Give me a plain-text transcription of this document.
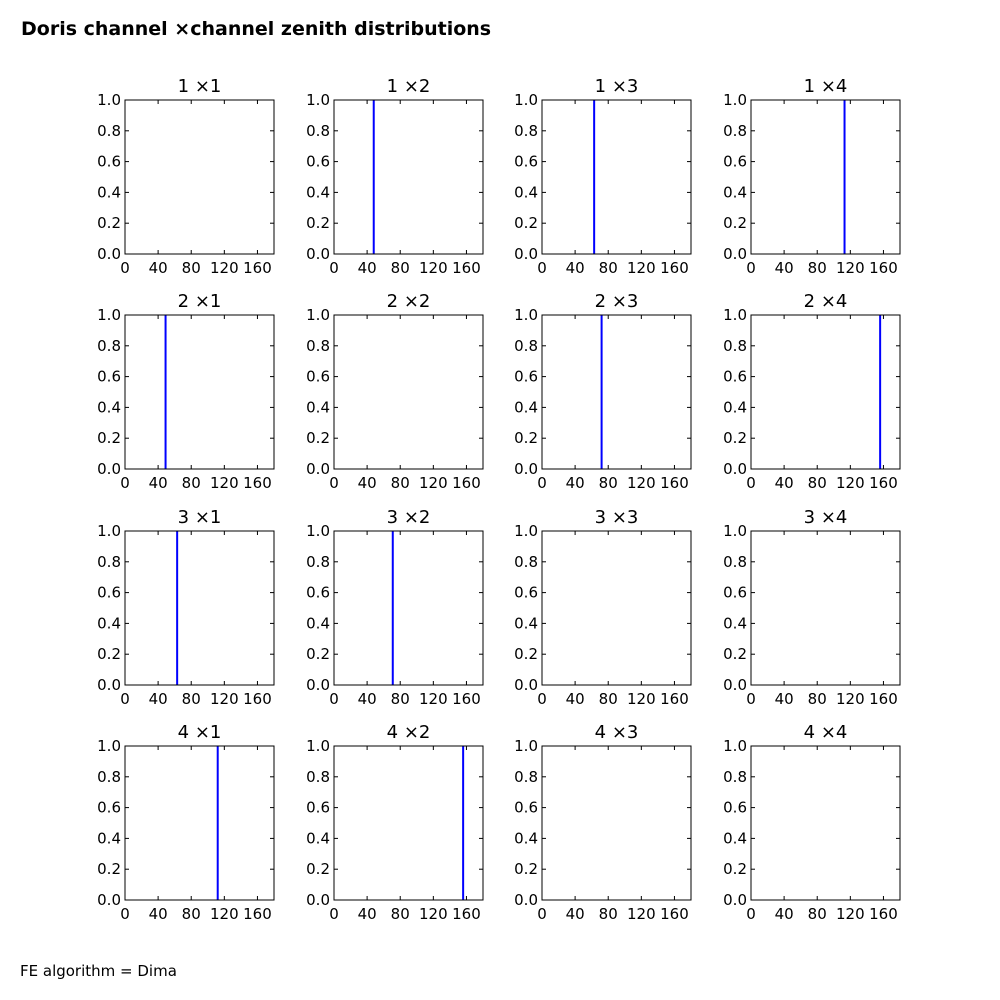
Doris channel ×channel zenith distributions
0 40 80 120 160
0.0
0.2
0.4
0.6
0.8
1.0
1 ×1
0 40 80 120 160
0.0
0.2
0.4
0.6
0.8
1.0
1 ×2
0 40 80 120 160
0.0
0.2
0.4
0.6
0.8
1.0
1 ×3
0 40 80 120 160
0.0
0.2
0.4
0.6
0.8
1.0
1 ×4
0 40 80 120 160
0.0
0.2
0.4
0.6
0.8
1.0
2 ×1
0 40 80 120 160
0.0
0.2
0.4
0.6
0.8
1.0
2 ×2
0 40 80 120 160
0.0
0.2
0.4
0.6
0.8
1.0
2 ×3
0 40 80 120 160
0.0
0.2
0.4
0.6
0.8
1.0
2 ×4
0 40 80 120 160
0.0
0.2
0.4
0.6
0.8
1.0
3 ×1
0 40 80 120 160
0.0
0.2
0.4
0.6
0.8
1.0
3 ×2
0 40 80 120 160
0.0
0.2
0.4
0.6
0.8
1.0
3 ×3
0 40 80 120 160
0.0
0.2
0.4
0.6
0.8
1.0
3 ×4
0 40 80 120 160
0.0
0.2
0.4
0.6
0.8
1.0
4 ×1
0 40 80 120 160
0.0
0.2
0.4
0.6
0.8
1.0
4 ×2
0 40 80 120 160
0.0
0.2
0.4
0.6
0.8
1.0
4 ×3
0 40 80 120 160
0.0
0.2
0.4
0.6
0.8
1.0
4 ×4
FE algorithm = Dima
